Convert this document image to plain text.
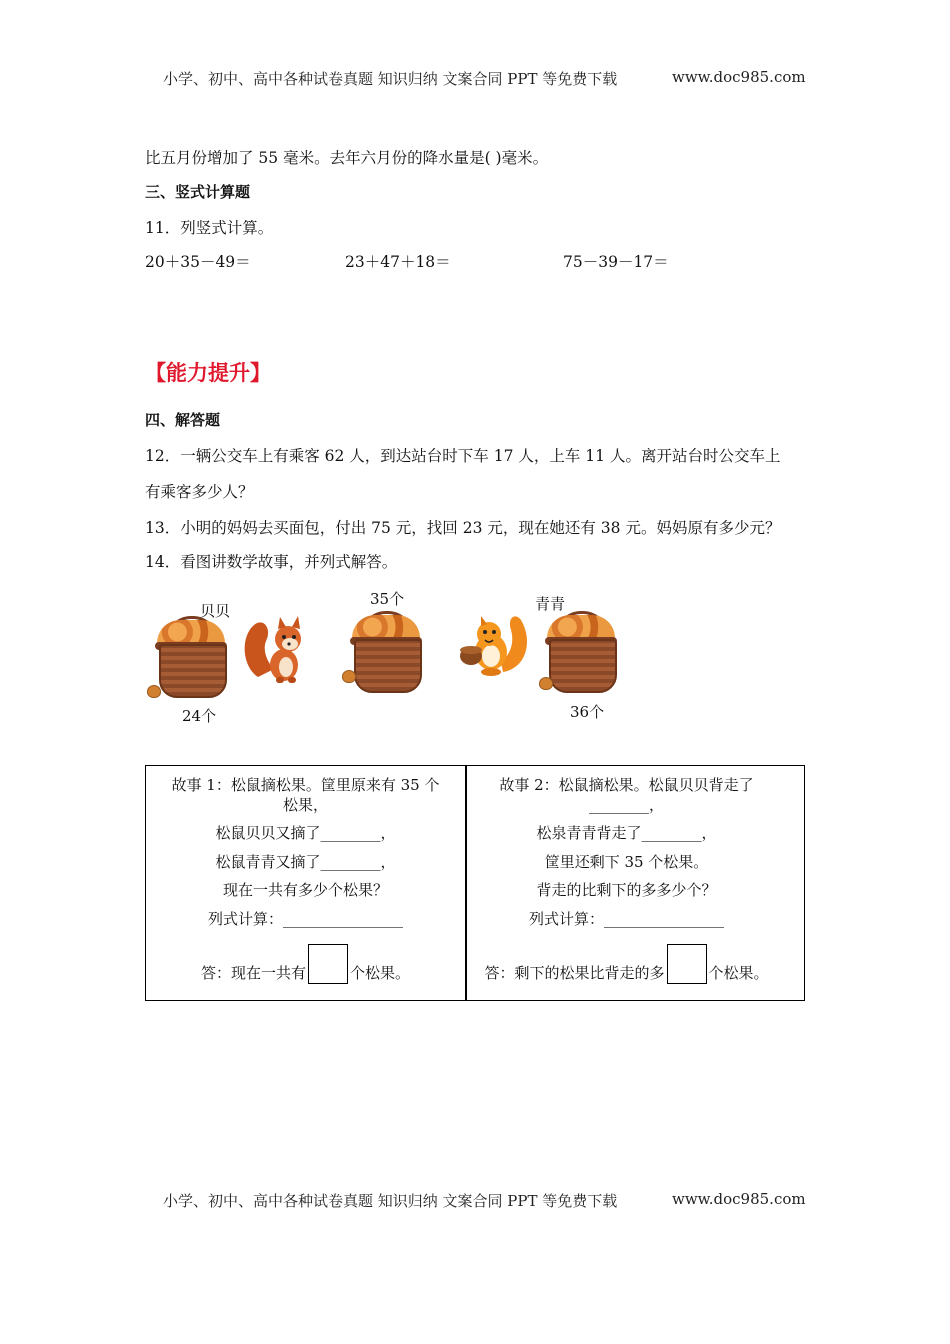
小学、初中、高中各种试卷真题 知识归纳 文案合同 PPT 等免费下载	www.doc985.com
比五月份增加了 55 毫米。去年六月份的降水量是( )毫米。
三、竖式计算题
11．列竖式计算。
20＋35－49＝	23＋47＋18＝	75－39－17＝
【能力提升】
四、解答题
12．一辆公交车上有乘客 62 人，到达站台时下车 17 人，上车 11 人。离开站台时公交车上
有乘客多少人？
13．小明的妈妈去买面包，付出 75 元，找回 23 元，现在她还有 38 元。妈妈原有多少元？
14．看图讲数学故事，并列式解答。
贝贝
24个
35个	青青
36个
故事 1：松鼠摘松果。筐里原来有 35 个
松果，
松鼠贝贝又摘了________，
松鼠青青又摘了________，
现在一共有多少个松果？
列式计算：________________
答：现在一共有	个松果。
故事 2：松鼠摘松果。松鼠贝贝背走了
________，
松泉青青背走了________，
筐里还剩下 35 个松果。
背走的比剩下的多多少个？
列式计算：________________
答：剩下的松果比背走的多	个松果。
小学、初中、高中各种试卷真题 知识归纳 文案合同 PPT 等免费下载	www.doc985.com
